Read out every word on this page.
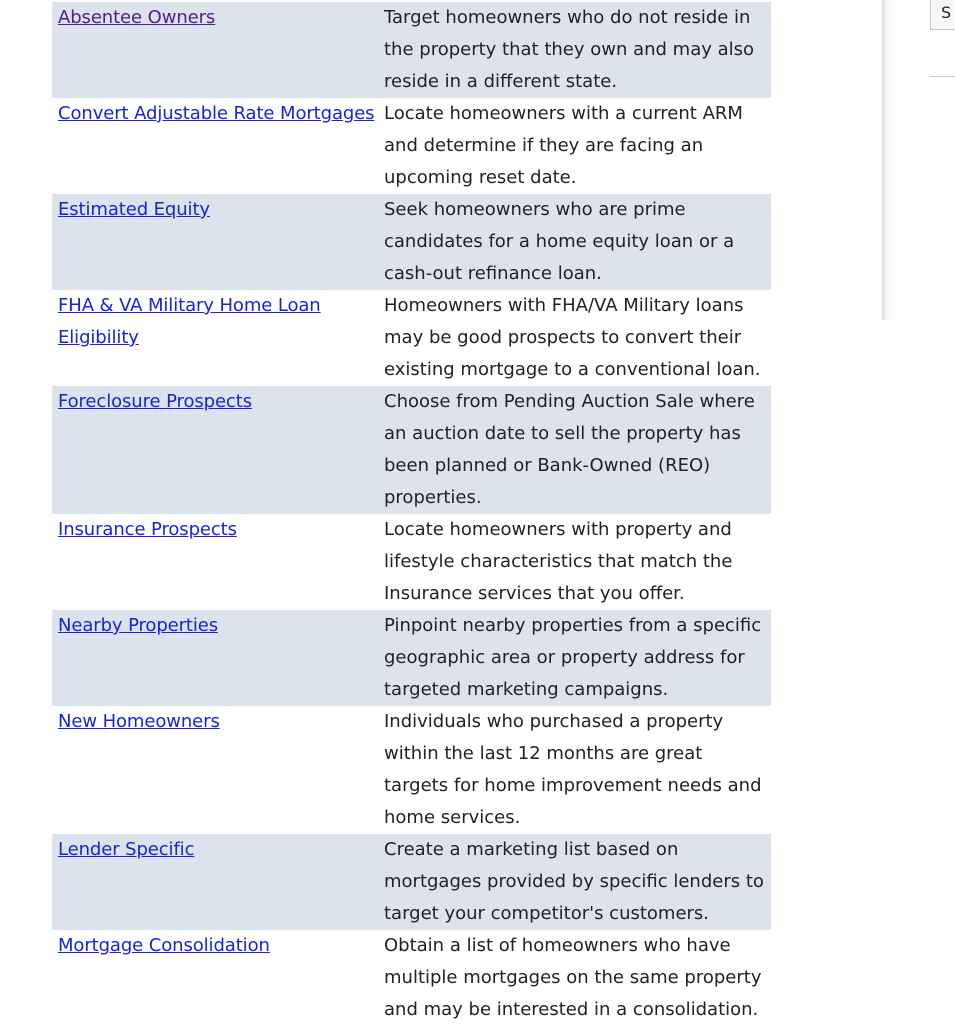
Absentee Owners	Target homeowners who do not reside in the property that they own and may also reside in a different state.
Convert Adjustable Rate Mortgages	Locate homeowners with a current ARM and determine if they are facing an upcoming reset date.
Estimated Equity	Seek homeowners who are prime candidates for a home equity loan or a cash-out refinance loan.
FHA & VA Military Home Loan Eligibility	Homeowners with FHA/VA Military loans may be good prospects to convert their existing mortgage to a conventional loan.
Foreclosure Prospects	Choose from Pending Auction Sale where an auction date to sell the property has been planned or Bank-Owned (REO) properties.
Insurance Prospects	Locate homeowners with property and lifestyle characteristics that match the Insurance services that you offer.
Nearby Properties	Pinpoint nearby properties from a specific geographic area or property address for targeted marketing campaigns.
New Homeowners	Individuals who purchased a property within the last 12 months are great targets for home improvement needs and home services.
Lender Specific	Create a marketing list based on mortgages provided by specific lenders to target your competitor's customers.
Mortgage Consolidation	Obtain a list of homeowners who have multiple mortgages on the same property and may be interested in a consolidation.
S
